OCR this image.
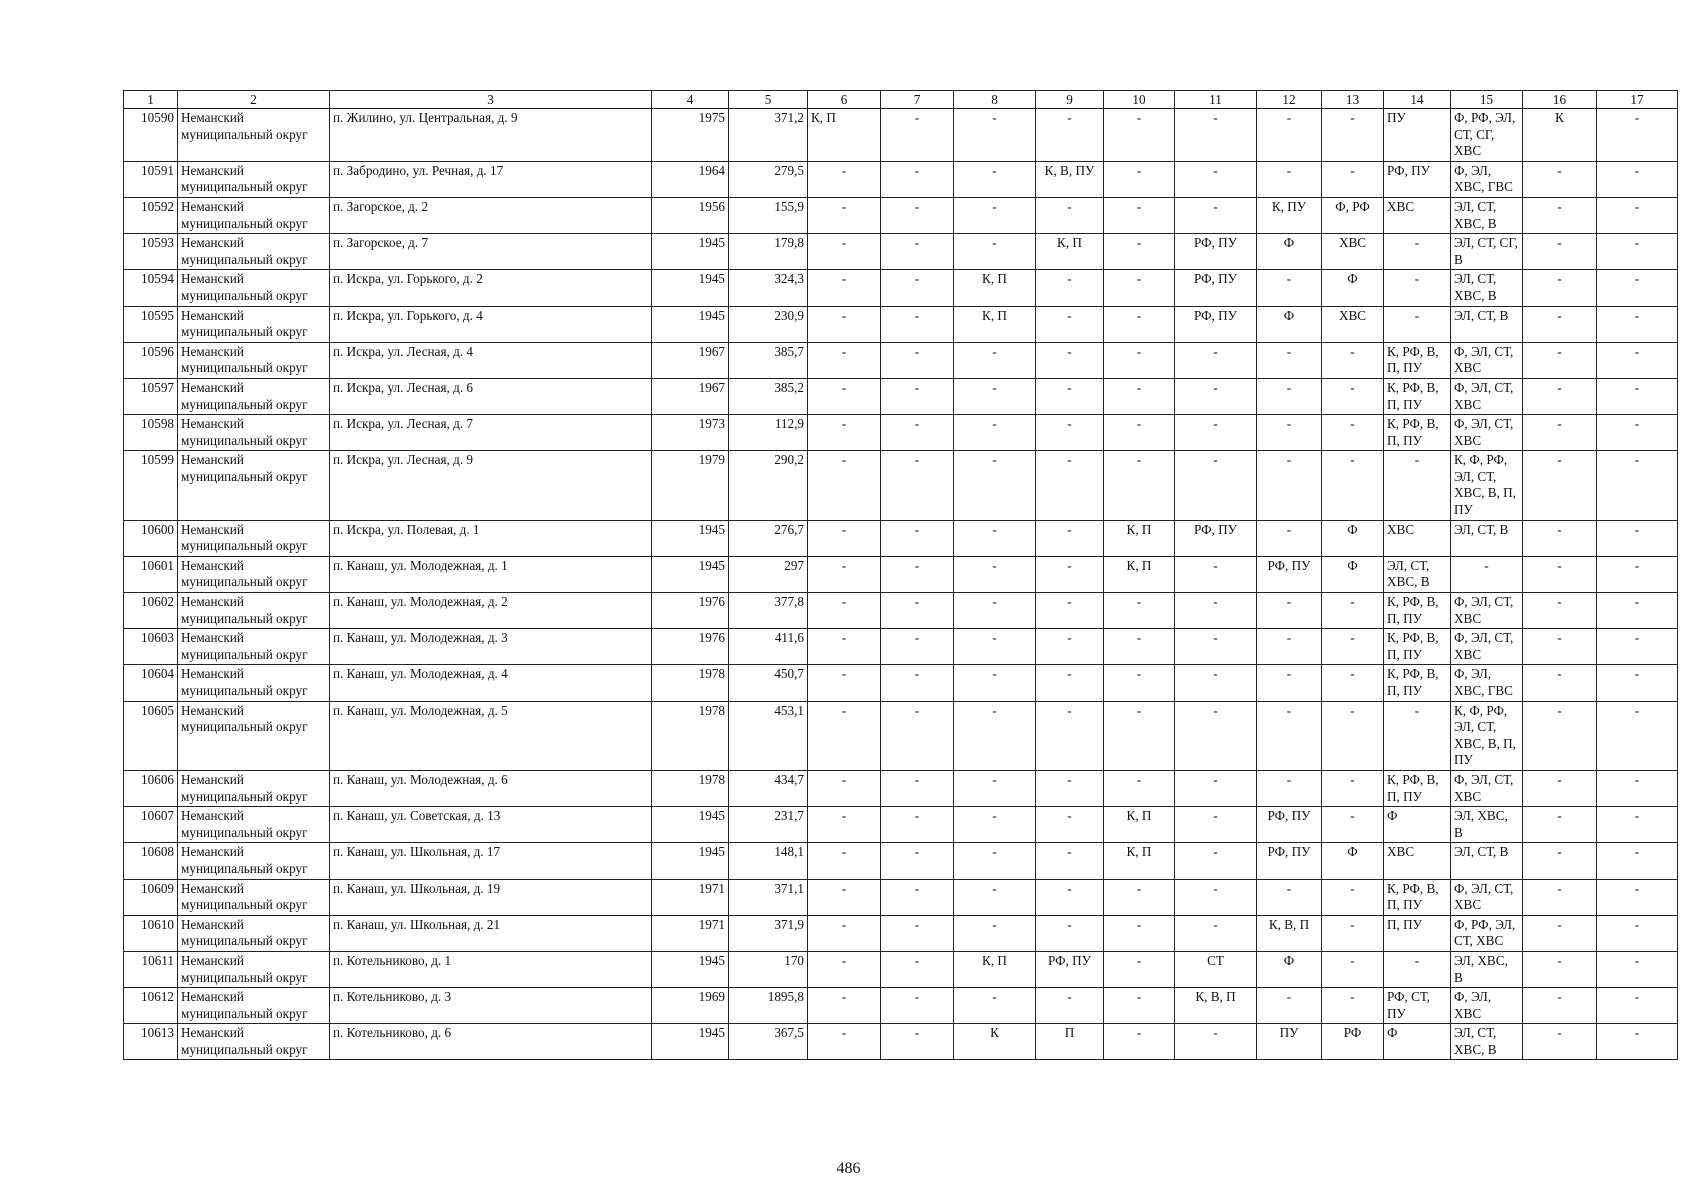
1	2	3	4	5	6	7	8	9	10	11	12	13	14	15	16	17
10590	Неманский муниципальный округ	п. Жилино, ул. Центральная, д. 9	1975	371,2	К, П	-	-	-	-	-	-	-	ПУ	Ф, РФ, ЭЛ, СТ, СГ, ХВС	К	-
10591	Неманский муниципальный округ	п. Забродино, ул. Речная, д. 17	1964	279,5	-	-	-	К, В, ПУ	-	-	-	-	РФ, ПУ	Ф, ЭЛ, ХВС, ГВС	-	-
10592	Неманский муниципальный округ	п. Загорское, д. 2	1956	155,9	-	-	-	-	-	-	К, ПУ	Ф, РФ	ХВС	ЭЛ, СТ, ХВС, В	-	-
10593	Неманский муниципальный округ	п. Загорское, д. 7	1945	179,8	-	-	-	К, П	-	РФ, ПУ	Ф	ХВС	-	ЭЛ, СТ, СГ, В	-	-
10594	Неманский муниципальный округ	п. Искра, ул. Горького, д. 2	1945	324,3	-	-	К, П	-	-	РФ, ПУ	-	Ф	-	ЭЛ, СТ, ХВС, В	-	-
10595	Неманский муниципальный округ	п. Искра, ул. Горького, д. 4	1945	230,9	-	-	К, П	-	-	РФ, ПУ	Ф	ХВС	-	ЭЛ, СТ, В	-	-
10596	Неманский муниципальный округ	п. Искра, ул. Лесная, д. 4	1967	385,7	-	-	-	-	-	-	-	-	К, РФ, В, П, ПУ	Ф, ЭЛ, СТ, ХВС	-	-
10597	Неманский муниципальный округ	п. Искра, ул. Лесная, д. 6	1967	385,2	-	-	-	-	-	-	-	-	К, РФ, В, П, ПУ	Ф, ЭЛ, СТ, ХВС	-	-
10598	Неманский муниципальный округ	п. Искра, ул. Лесная, д. 7	1973	112,9	-	-	-	-	-	-	-	-	К, РФ, В, П, ПУ	Ф, ЭЛ, СТ, ХВС	-	-
10599	Неманский муниципальный округ	п. Искра, ул. Лесная, д. 9	1979	290,2	-	-	-	-	-	-	-	-	-	К, Ф, РФ, ЭЛ, СТ, ХВС, В, П, ПУ	-	-
10600	Неманский муниципальный округ	п. Искра, ул. Полевая, д. 1	1945	276,7	-	-	-	-	К, П	РФ, ПУ	-	Ф	ХВС	ЭЛ, СТ, В	-	-
10601	Неманский муниципальный округ	п. Канаш, ул. Молодежная, д. 1	1945	297	-	-	-	-	К, П	-	РФ, ПУ	Ф	ЭЛ, СТ, ХВС, В	-	-	-
10602	Неманский муниципальный округ	п. Канаш, ул. Молодежная, д. 2	1976	377,8	-	-	-	-	-	-	-	-	К, РФ, В, П, ПУ	Ф, ЭЛ, СТ, ХВС	-	-
10603	Неманский муниципальный округ	п. Канаш, ул. Молодежная, д. 3	1976	411,6	-	-	-	-	-	-	-	-	К, РФ, В, П, ПУ	Ф, ЭЛ, СТ, ХВС	-	-
10604	Неманский муниципальный округ	п. Канаш, ул. Молодежная, д. 4	1978	450,7	-	-	-	-	-	-	-	-	К, РФ, В, П, ПУ	Ф, ЭЛ, ХВС, ГВС	-	-
10605	Неманский муниципальный округ	п. Канаш, ул. Молодежная, д. 5	1978	453,1	-	-	-	-	-	-	-	-	-	К, Ф, РФ, ЭЛ, СТ, ХВС, В, П, ПУ	-	-
10606	Неманский муниципальный округ	п. Канаш, ул. Молодежная, д. 6	1978	434,7	-	-	-	-	-	-	-	-	К, РФ, В, П, ПУ	Ф, ЭЛ, СТ, ХВС	-	-
10607	Неманский муниципальный округ	п. Канаш, ул. Советская, д. 13	1945	231,7	-	-	-	-	К, П	-	РФ, ПУ	-	Ф	ЭЛ, ХВС, В	-	-
10608	Неманский муниципальный округ	п. Канаш, ул. Школьная, д. 17	1945	148,1	-	-	-	-	К, П	-	РФ, ПУ	Ф	ХВС	ЭЛ, СТ, В	-	-
10609	Неманский муниципальный округ	п. Канаш, ул. Школьная, д. 19	1971	371,1	-	-	-	-	-	-	-	-	К, РФ, В, П, ПУ	Ф, ЭЛ, СТ, ХВС	-	-
10610	Неманский муниципальный округ	п. Канаш, ул. Школьная, д. 21	1971	371,9	-	-	-	-	-	-	К, В, П	-	П, ПУ	Ф, РФ, ЭЛ, СТ, ХВС	-	-
10611	Неманский муниципальный округ	п. Котельниково, д. 1	1945	170	-	-	К, П	РФ, ПУ	-	СТ	Ф	-	-	ЭЛ, ХВС, В	-	-
10612	Неманский муниципальный округ	п. Котельниково, д. 3	1969	1895,8	-	-	-	-	-	К, В, П	-	-	РФ, СТ, ПУ	Ф, ЭЛ, ХВС	-	-
10613	Неманский муниципальный округ	п. Котельниково, д. 6	1945	367,5	-	-	К	П	-	-	ПУ	РФ	Ф	ЭЛ, СТ, ХВС, В	-	-
486
